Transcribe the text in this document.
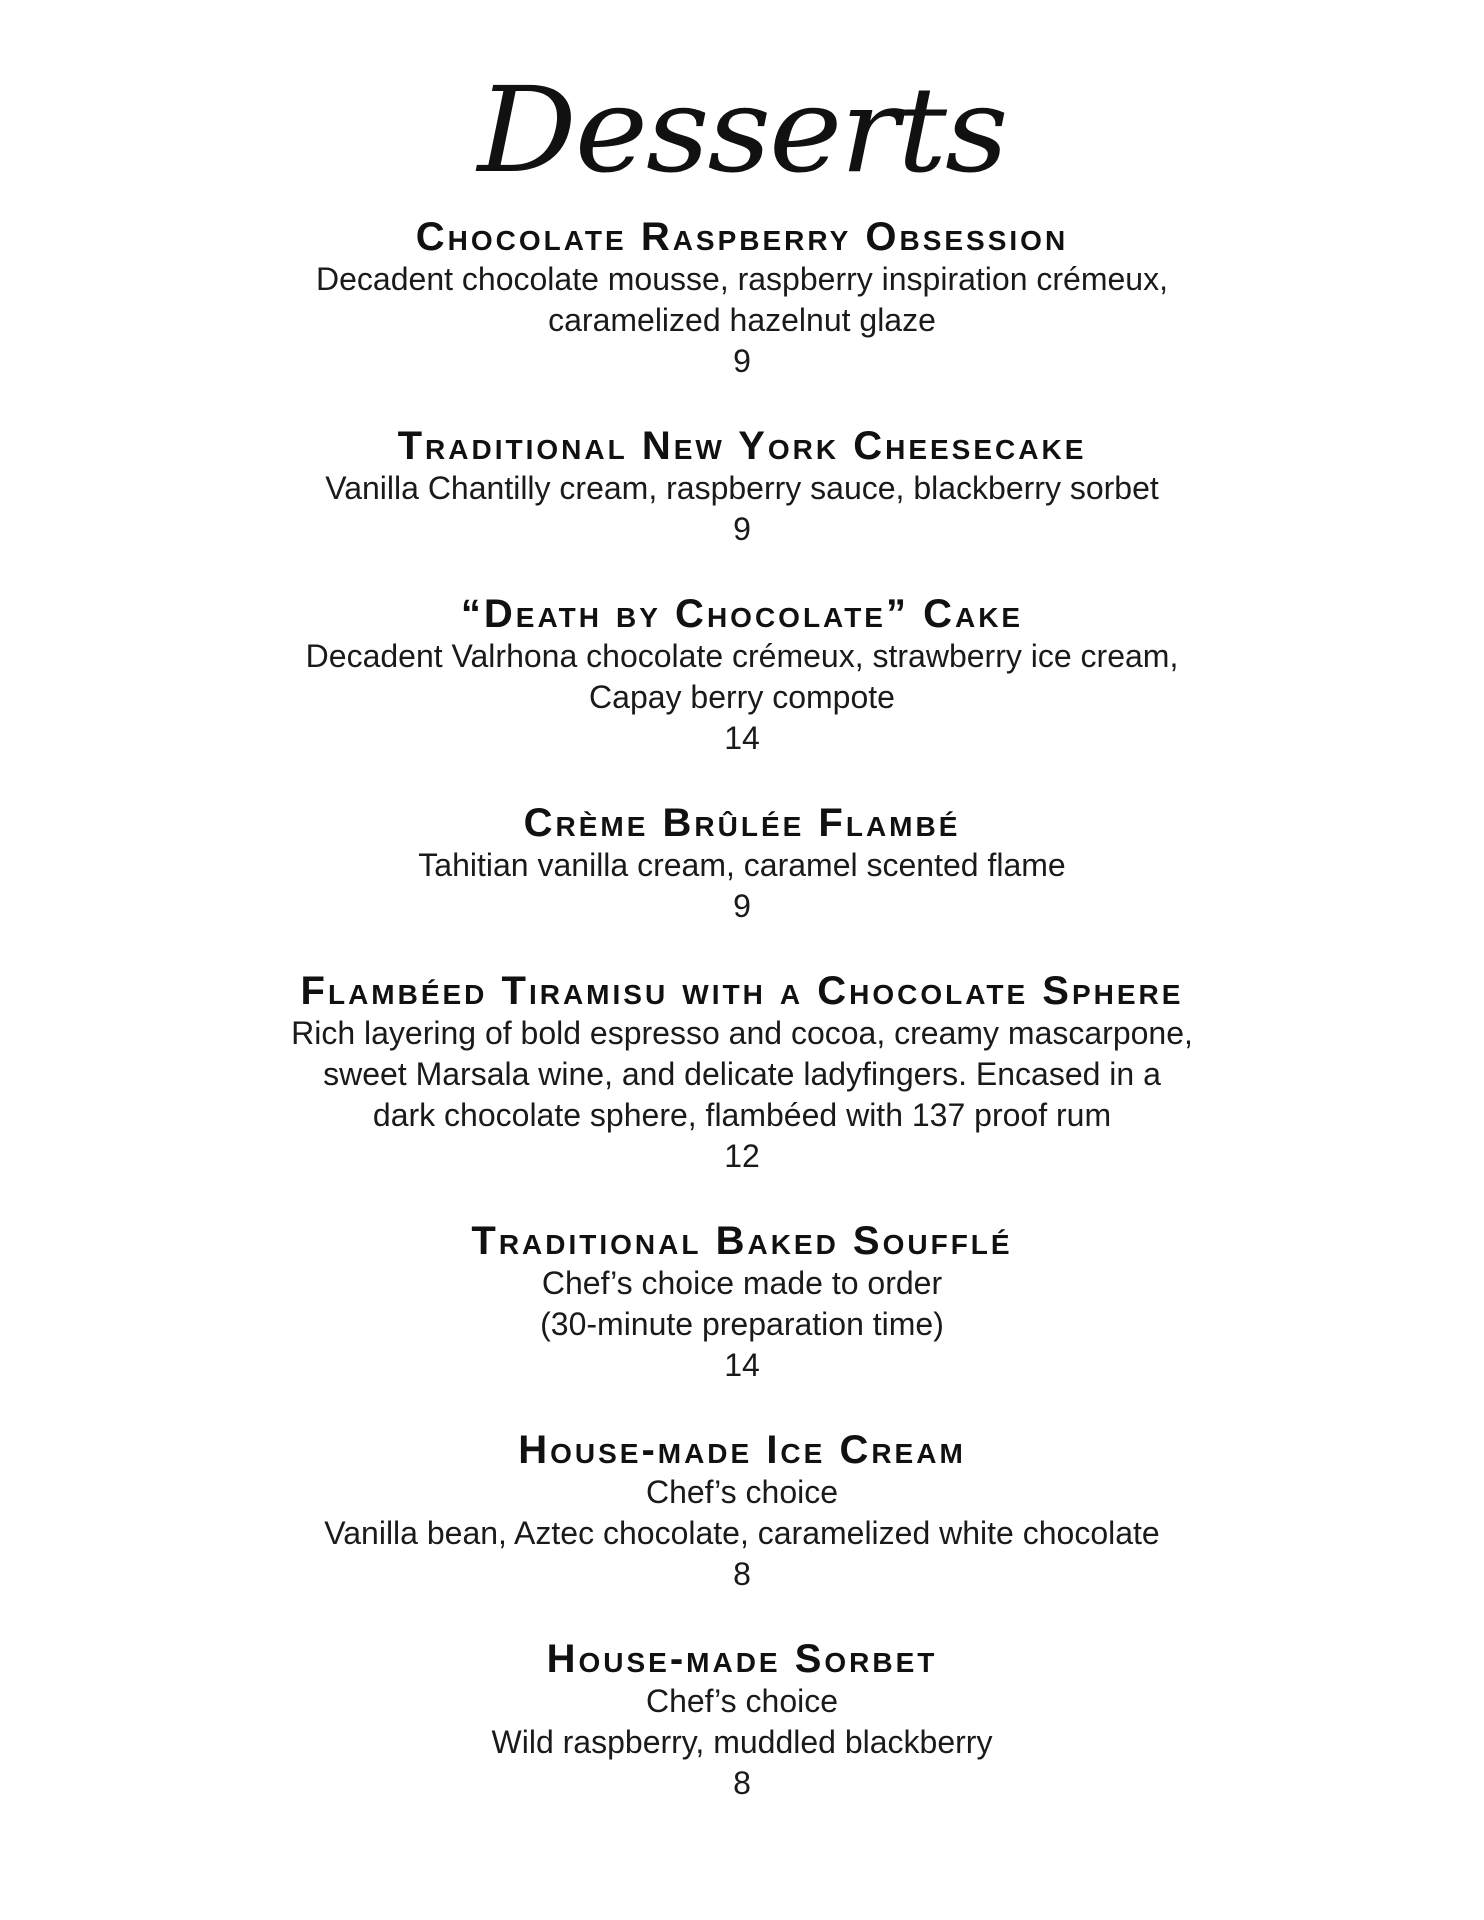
Desserts
Chocolate Raspberry Obsession
Decadent chocolate mousse, raspberry inspiration crémeux,
caramelized hazelnut glaze
9
Traditional New York Cheesecake
Vanilla Chantilly cream, raspberry sauce, blackberry sorbet
9
“Death by Chocolate” Cake
Decadent Valrhona chocolate crémeux, strawberry ice cream,
Capay berry compote
14
Crème Brûlée Flambé
Tahitian vanilla cream, caramel scented flame
9
Flambéed Tiramisu with a Chocolate Sphere
Rich layering of bold espresso and cocoa, creamy mascarpone,
sweet Marsala wine, and delicate ladyfingers. Encased in a
dark chocolate sphere, flambéed with 137 proof rum
12
Traditional Baked Soufflé
Chef’s choice made to order
(30-minute preparation time)
14
House-made Ice Cream
Chef’s choice
Vanilla bean, Aztec chocolate, caramelized white chocolate
8
House-made Sorbet
Chef’s choice
Wild raspberry, muddled blackberry
8
